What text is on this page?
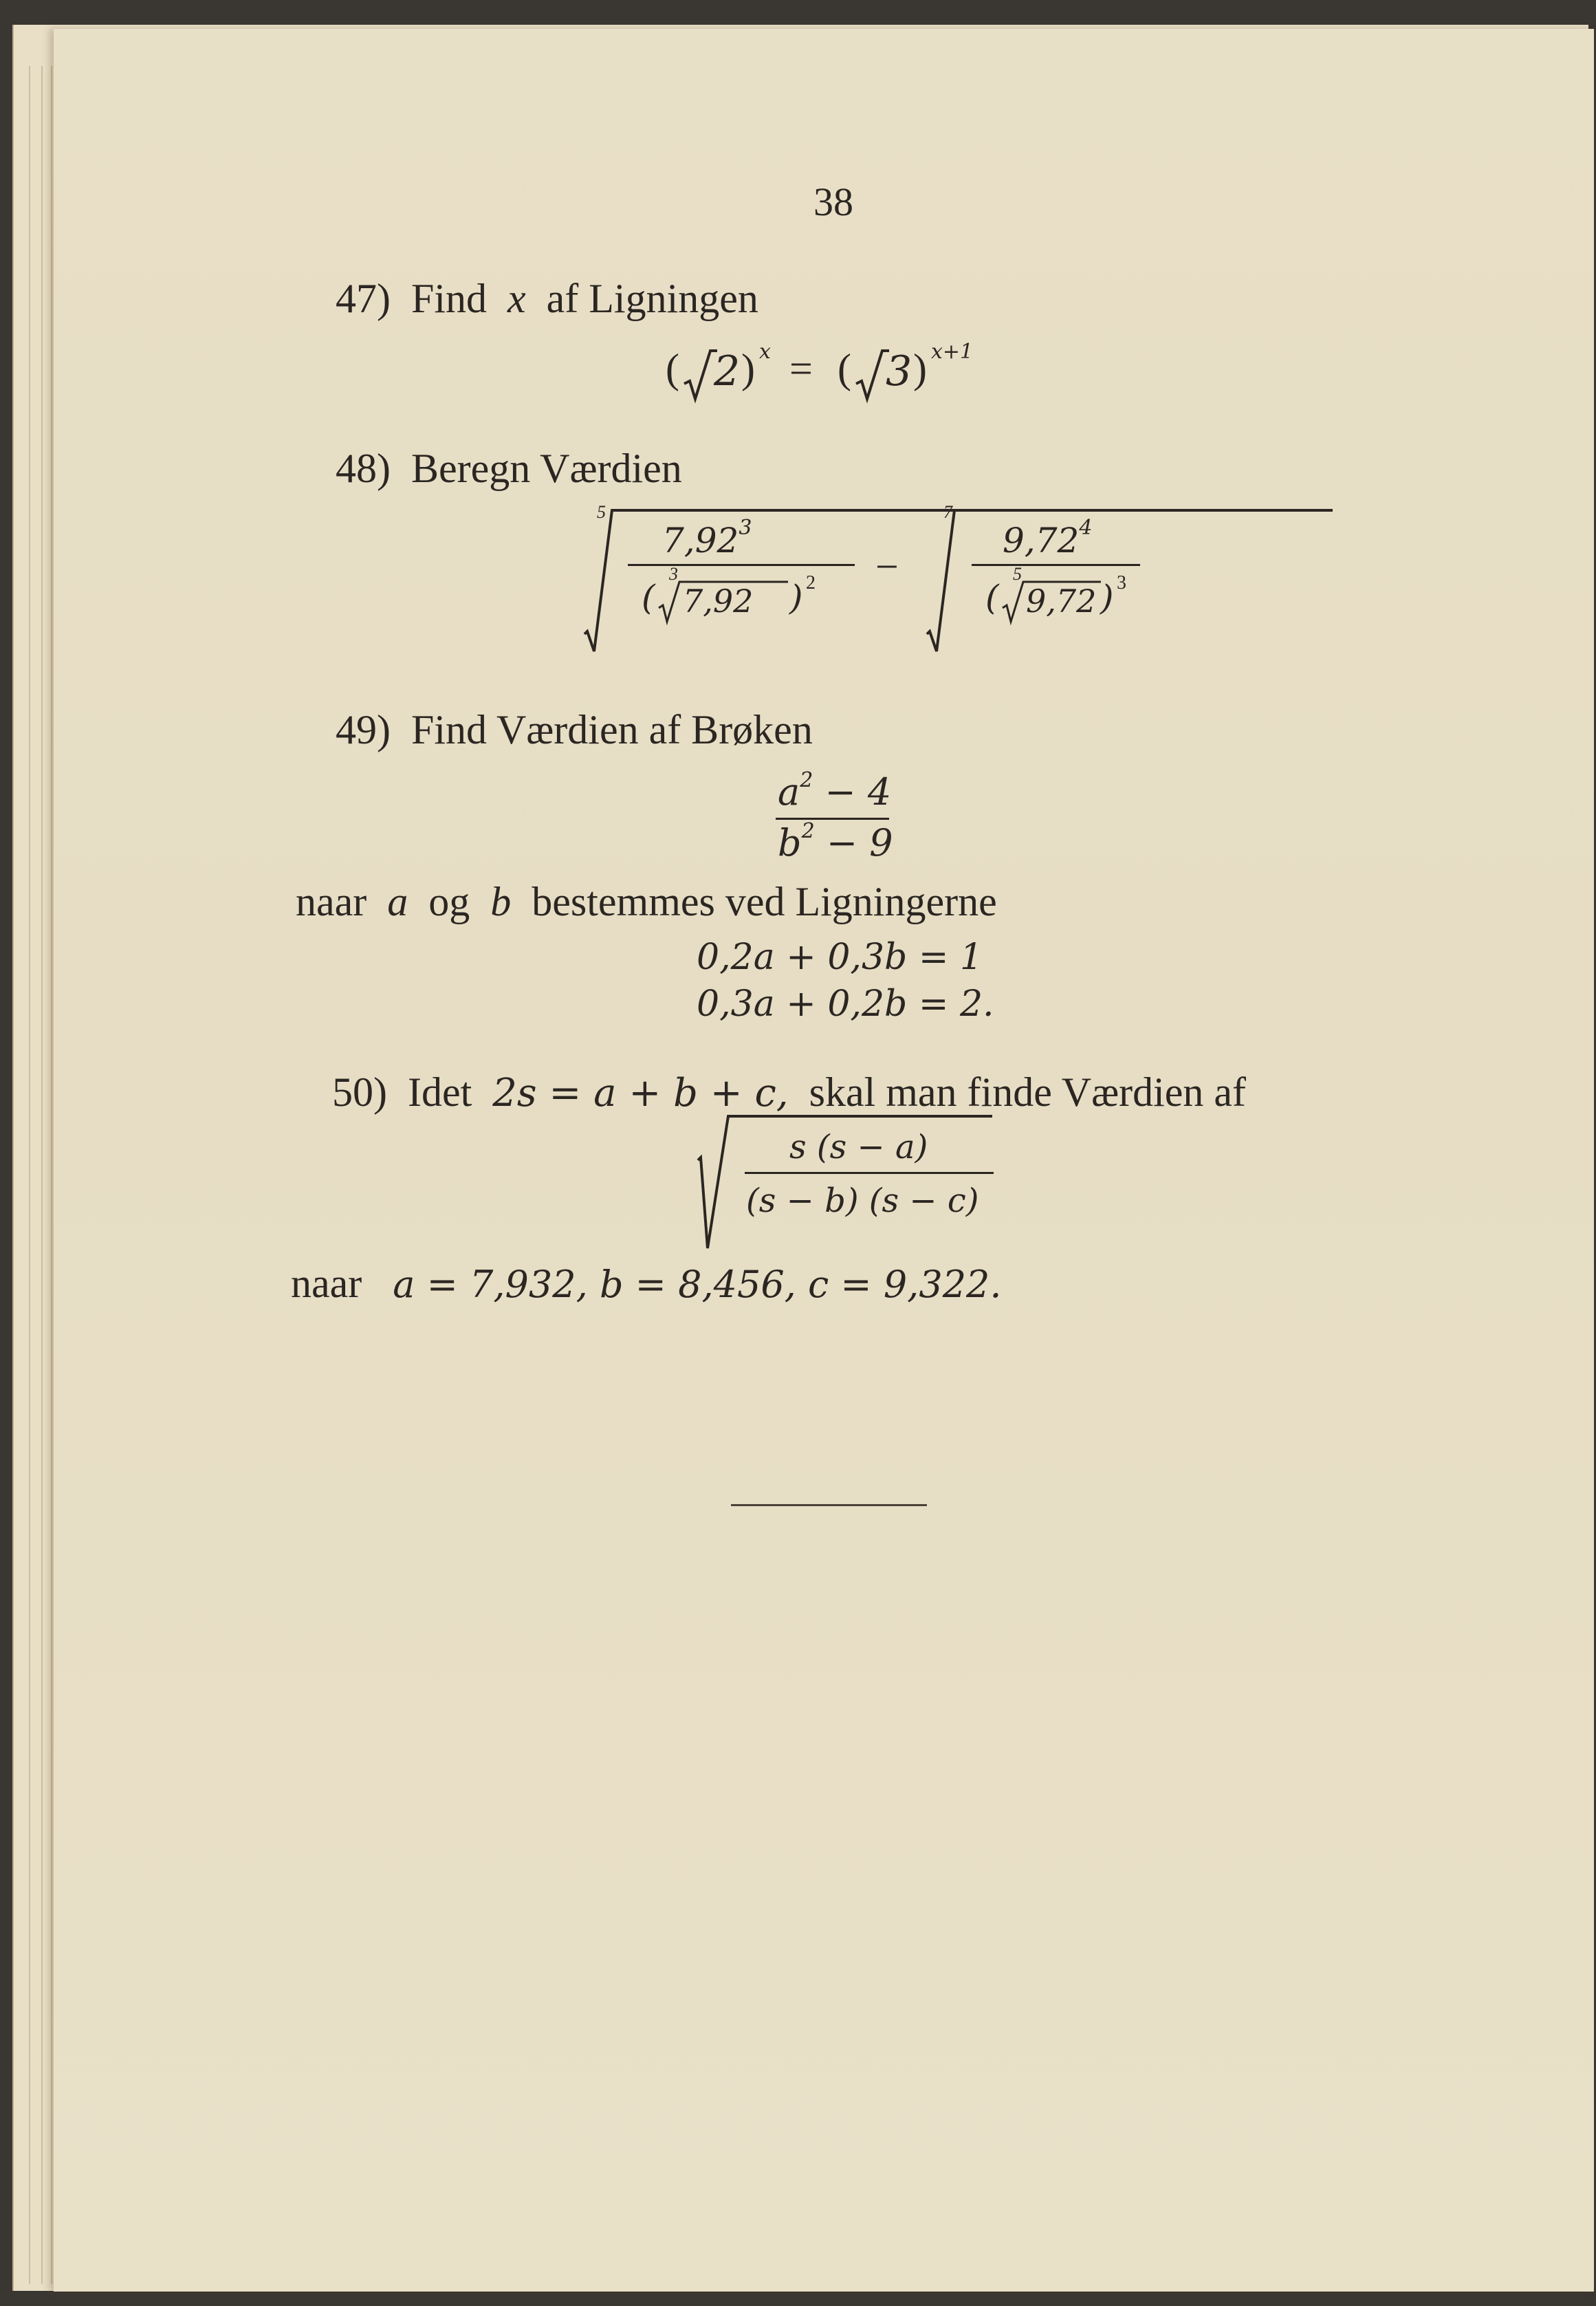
38
47) Find x af Ligningen
( 2 ) x = ( 3 ) x+1
48) Beregn Værdien
5
7,92$^3$
3
( 7,92 ) 2 −
7
9,72$^4$
5
( 9,72 ) 3
49) Find Værdien af Brøken
$a^2 - 4$
$b^2 - 9$
naar a og b bestemmes ved Ligningerne
0,2a + 0,3b = 1
0,3a + 0,2b = 2.
50) Idet 2s = a + b + c, skal man finde Værdien af
s (s − a)
(s − b) (s − c)
naar a = 7,932, b = 8,456, c = 9,322.
